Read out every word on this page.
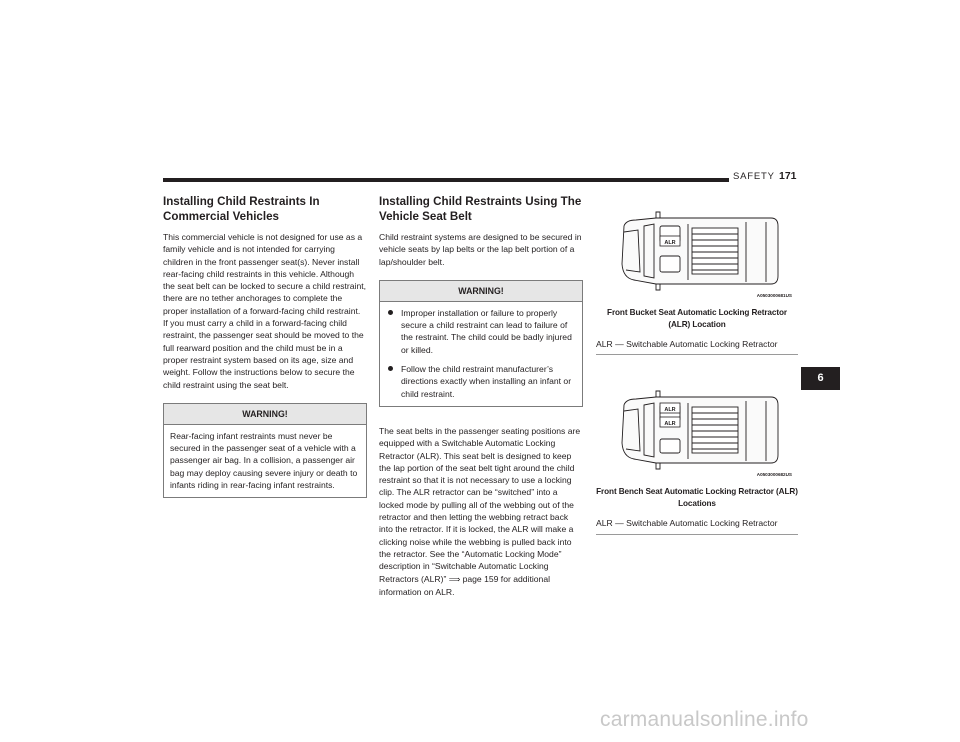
SAFETY 171
Installing Child Restraints In Commercial Vehicles

This commercial vehicle is not designed for use as a family vehicle and is not intended for carrying children in the front passenger seat(s). Never install rear-facing child restraints in this vehicle. Although the seat belt can be locked to secure a child restraint, there are no tether anchorages to complete the proper installation of a forward-facing child restraint. If you must carry a child in a forward-facing child restraint, the passenger seat should be moved to the full rearward position and the child must be in a proper restraint system based on its age, size and weight. Follow the instructions below to secure the child restraint using the seat belt.

WARNING!

Rear-facing infant restraints must never be secured in the passenger seat of a vehicle with a passenger air bag. In a collision, a passenger air bag may deploy causing severe injury or death to infants riding in rear-facing infant restraints.

Installing Child Restraints Using The Vehicle Seat Belt

Child restraint systems are designed to be secured in vehicle seats by lap belts or the lap belt portion of a lap/shoulder belt.

WARNING!
Improper installation or failure to properly secure a child restraint can lead to failure of the restraint. The child could be badly injured or killed.
Follow the child restraint manufacturer’s directions exactly when installing an infant or child restraint.

The seat belts in the passenger seating positions are equipped with a Switchable Automatic Locking Retractor (ALR). This seat belt is designed to keep the lap portion of the seat belt tight around the child restraint so that it is not necessary to use a locking clip. The ALR retractor can be “switched” into a locked mode by pulling all of the webbing out of the retractor and then letting the webbing retract back into the retractor. If it is locked, the ALR will make a clicking noise while the webbing is pulled back into the retractor. See the “Automatic Locking Mode” description in “Switchable Automatic Locking Retractors (ALR)” ⟹ page 159 for additional information on ALR.

ALR
A0503000681US
Front Bucket Seat Automatic Locking Retractor (ALR) Location
ALR — Switchable Automatic Locking Retractor
ALR
ALR
A0503000682US
Front Bench Seat Automatic Locking Retractor (ALR) Locations
ALR — Switchable Automatic Locking Retractor
6
carmanualsonline.info
